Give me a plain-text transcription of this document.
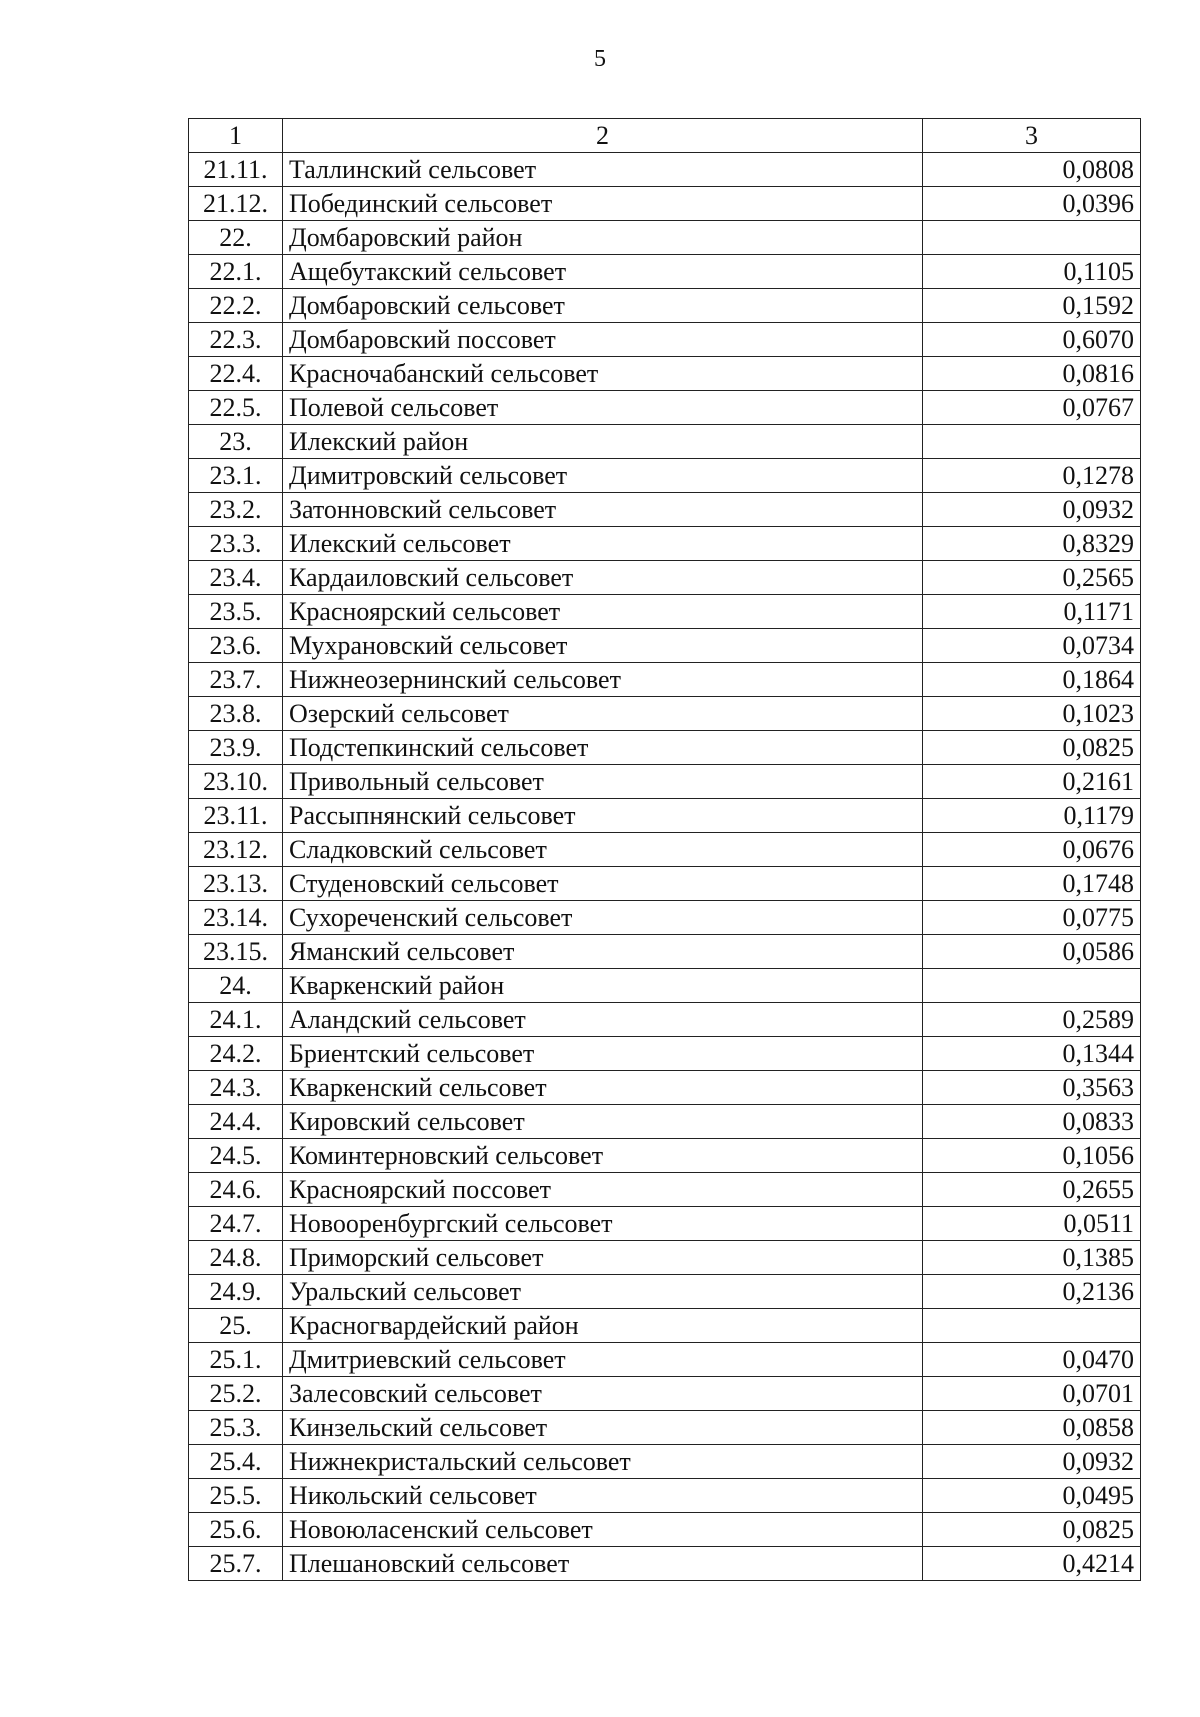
5
1	2	3
21.11.	Таллинский сельсовет	0,0808
21.12.	Побединский сельсовет	0,0396
22.	Домбаровский район	
22.1.	Ащебутакский сельсовет	0,1105
22.2.	Домбаровский сельсовет	0,1592
22.3.	Домбаровский поссовет	0,6070
22.4.	Красночабанский сельсовет	0,0816
22.5.	Полевой сельсовет	0,0767
23.	Илекский район	
23.1.	Димитровский сельсовет	0,1278
23.2.	Затонновский сельсовет	0,0932
23.3.	Илекский сельсовет	0,8329
23.4.	Кардаиловский сельсовет	0,2565
23.5.	Красноярский сельсовет	0,1171
23.6.	Мухрановский сельсовет	0,0734
23.7.	Нижнеозернинский сельсовет	0,1864
23.8.	Озерский сельсовет	0,1023
23.9.	Подстепкинский сельсовет	0,0825
23.10.	Привольный сельсовет	0,2161
23.11.	Рассыпнянский сельсовет	0,1179
23.12.	Сладковский сельсовет	0,0676
23.13.	Студеновский сельсовет	0,1748
23.14.	Сухореченский сельсовет	0,0775
23.15.	Яманский сельсовет	0,0586
24.	Кваркенский район	
24.1.	Аландский сельсовет	0,2589
24.2.	Бриентский сельсовет	0,1344
24.3.	Кваркенский сельсовет	0,3563
24.4.	Кировский сельсовет	0,0833
24.5.	Коминтерновский сельсовет	0,1056
24.6.	Красноярский поссовет	0,2655
24.7.	Новооренбургский сельсовет	0,0511
24.8.	Приморский сельсовет	0,1385
24.9.	Уральский сельсовет	0,2136
25.	Красногвардейский район	
25.1.	Дмитриевский сельсовет	0,0470
25.2.	Залесовский сельсовет	0,0701
25.3.	Кинзельский сельсовет	0,0858
25.4.	Нижнекристальский сельсовет	0,0932
25.5.	Никольский сельсовет	0,0495
25.6.	Новоюласенский сельсовет	0,0825
25.7.	Плешановский сельсовет	0,4214
